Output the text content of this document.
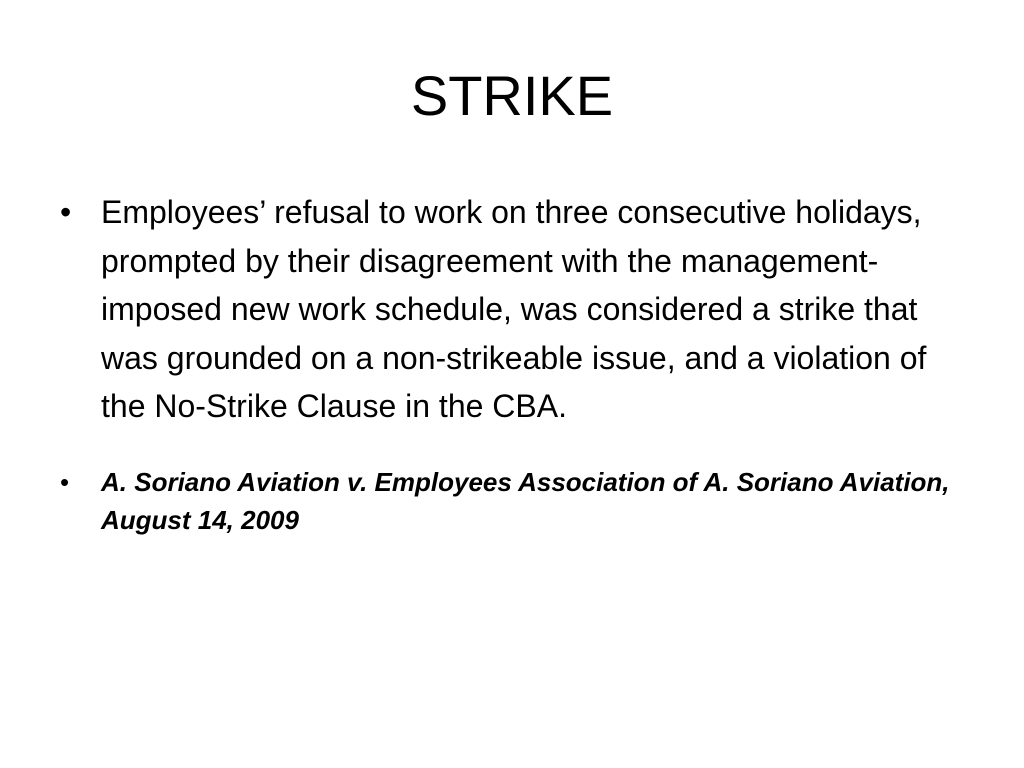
STRIKE
• Employees’ refusal to work on three consecutive holidays, prompted by their disagreement with the management-imposed new work schedule, was considered a strike that was grounded on a non-strikeable issue, and a violation of the No-Strike Clause in the CBA.
• A. Soriano Aviation v. Employees Association of A. Soriano Aviation, August 14, 2009
